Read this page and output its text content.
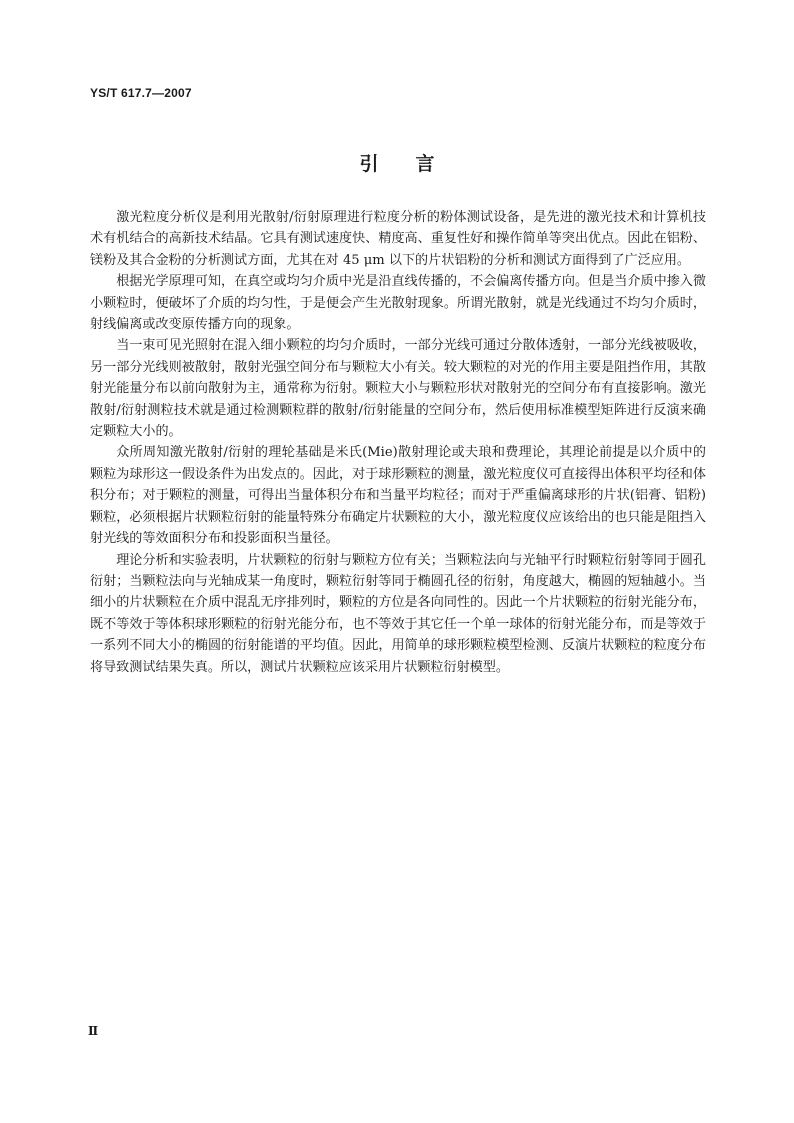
YS/T 617.7—2007
引言

激光粒度分析仪是利用光散射/衍射原理进行粒度分析的粉体测试设备，是先进的激光技术和计算机技术有机结合的高新技术结晶。它具有测试速度快、精度高、重复性好和操作简单等突出优点。因此在铝粉、镁粉及其合金粉的分析测试方面，尤其在对 45 μm 以下的片状铝粉的分析和测试方面得到了广泛应用。

根据光学原理可知，在真空或均匀介质中光是沿直线传播的，不会偏离传播方向。但是当介质中掺入微小颗粒时，便破坏了介质的均匀性，于是便会产生光散射现象。所谓光散射，就是光线通过不均匀介质时，射线偏离或改变原传播方向的现象。

当一束可见光照射在混入细小颗粒的均匀介质时，一部分光线可通过分散体透射，一部分光线被吸收，另一部分光线则被散射，散射光强空间分布与颗粒大小有关。较大颗粒的对光的作用主要是阻挡作用，其散射光能量分布以前向散射为主，通常称为衍射。颗粒大小与颗粒形状对散射光的空间分布有直接影响。激光散射/衍射测粒技术就是通过检测颗粒群的散射/衍射能量的空间分布，然后使用标准模型矩阵进行反演来确定颗粒大小的。

众所周知激光散射/衍射的理轮基础是米氏(Mie)散射理论或夫琅和费理论，其理论前提是以介质中的颗粒为球形这一假设条件为出发点的。因此，对于球形颗粒的测量，激光粒度仪可直接得出体积平均径和体积分布；对于颗粒的测量，可得出当量体积分布和当量平均粒径；而对于严重偏离球形的片状(铝膏、铝粉)颗粒，必须根据片状颗粒衍射的能量特殊分布确定片状颗粒的大小，激光粒度仪应该给出的也只能是阻挡入射光线的等效面积分布和投影面积当量径。

理论分析和实验表明，片状颗粒的衍射与颗粒方位有关；当颗粒法向与光轴平行时颗粒衍射等同于圆孔衍射；当颗粒法向与光轴成某一角度时，颗粒衍射等同于椭圆孔径的衍射，角度越大，椭圆的短轴越小。当细小的片状颗粒在介质中混乱无序排列时，颗粒的方位是各向同性的。因此一个片状颗粒的衍射光能分布，既不等效于等体积球形颗粒的衍射光能分布，也不等效于其它任一个单一球体的衍射光能分布，而是等效于一系列不同大小的椭圆的衍射能谱的平均值。因此，用简单的球形颗粒模型检测、反演片状颗粒的粒度分布将导致测试结果失真。所以，测试片状颗粒应该采用片状颗粒衍射模型。

Ⅱ
